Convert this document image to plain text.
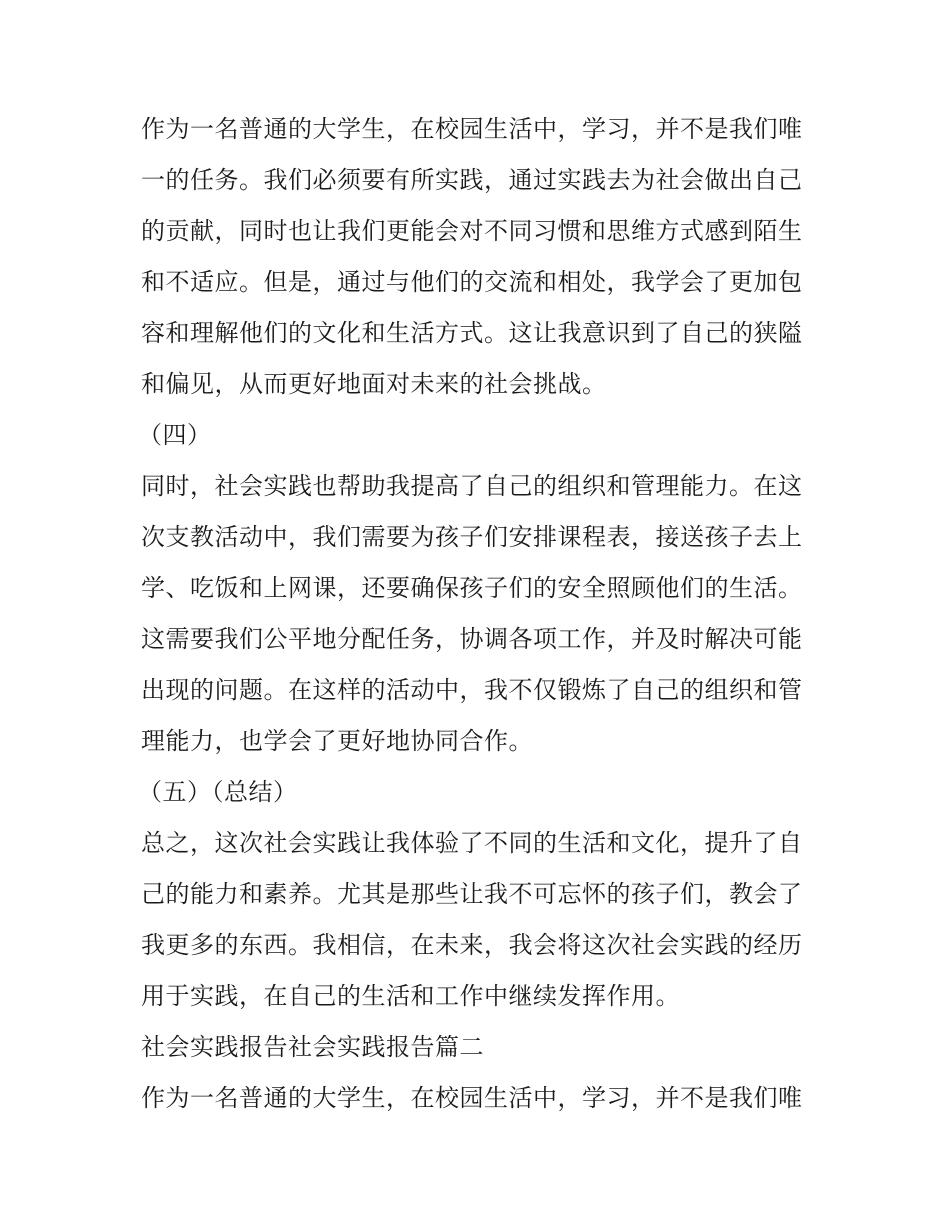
作为一名普通的大学生，在校园生活中，学习，并不是我们唯
一的任务。我们必须要有所实践，通过实践去为社会做出自己
的贡献，同时也让我们更能会对不同习惯和思维方式感到陌生
和不适应。但是，通过与他们的交流和相处，我学会了更加包
容和理解他们的文化和生活方式。这让我意识到了自己的狭隘
和偏见，从而更好地面对未来的社会挑战。
（四）
同时，社会实践也帮助我提高了自己的组织和管理能力。在这
次支教活动中，我们需要为孩子们安排课程表，接送孩子去上
学、吃饭和上网课，还要确保孩子们的安全照顾他们的生活。
这需要我们公平地分配任务，协调各项工作，并及时解决可能
出现的问题。在这样的活动中，我不仅锻炼了自己的组织和管
理能力，也学会了更好地协同合作。
（五）（总结）
总之，这次社会实践让我体验了不同的生活和文化，提升了自
己的能力和素养。尤其是那些让我不可忘怀的孩子们，教会了
我更多的东西。我相信，在未来，我会将这次社会实践的经历
用于实践，在自己的生活和工作中继续发挥作用。
社会实践报告社会实践报告篇二
作为一名普通的大学生，在校园生活中，学习，并不是我们唯
